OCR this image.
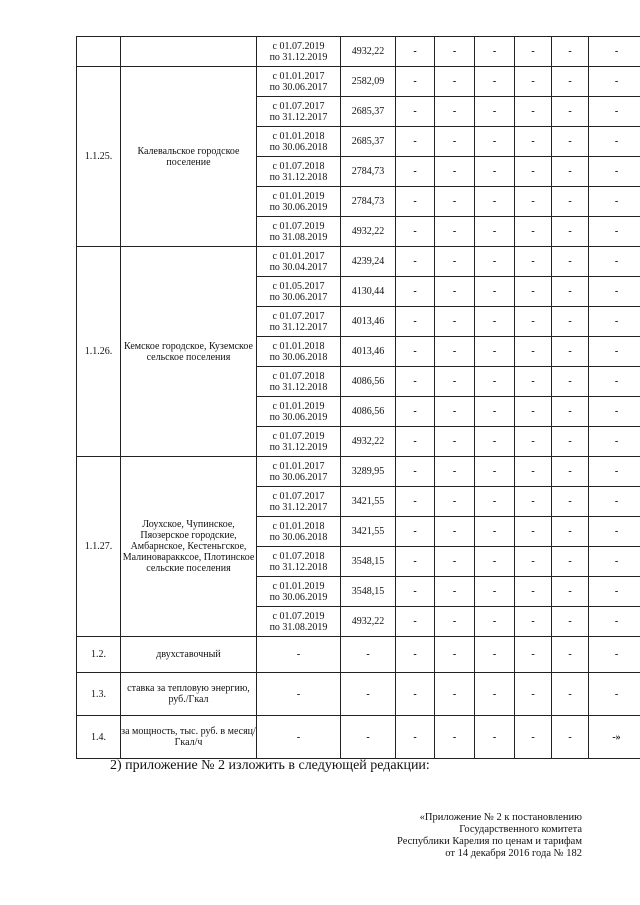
		с 01.07.2019
по 31.12.2019	4932,22	-	-	-	-	-	-
1.1.25.	Калевальское городское поселение	с 01.01.2017
по 30.06.2017	2582,09	-	-	-	-	-	-

		с 01.07.2017
по 31.12.2017	2685,37	-	-	-	-	-	-

		с 01.01.2018
по 30.06.2018	2685,37	-	-	-	-	-	-

		с 01.07.2018
по 31.12.2018	2784,73	-	-	-	-	-	-

		с 01.01.2019
по 30.06.2019	2784,73	-	-	-	-	-	-

		с 01.07.2019
по 31.08.2019	4932,22	-	-	-	-	-	-
1.1.26.	Кемское городское, Куземское сельское поселения	с 01.01.2017
по 30.04.2017	4239,24	-	-	-	-	-	-

		с 01.05.2017
по 30.06.2017	4130,44	-	-	-	-	-	-

		с 01.07.2017
по 31.12.2017	4013,46	-	-	-	-	-	-

		с 01.01.2018
по 30.06.2018	4013,46	-	-	-	-	-	-

		с 01.07.2018
по 31.12.2018	4086,56	-	-	-	-	-	-

		с 01.01.2019
по 30.06.2019	4086,56	-	-	-	-	-	-

		с 01.07.2019
по 31.12.2019	4932,22	-	-	-	-	-	-
1.1.27.	Лоухское, Чупинское, Пяозерское городские, Амбарнское, Кестеньгское, Малиноваракксое, Плотинское сельские поселения	с 01.01.2017
по 30.06.2017	3289,95	-	-	-	-	-	-

		с 01.07.2017
по 31.12.2017	3421,55	-	-	-	-	-	-

		с 01.01.2018
по 30.06.2018	3421,55	-	-	-	-	-	-

		с 01.07.2018
по 31.12.2018	3548,15	-	-	-	-	-	-

		с 01.01.2019
по 30.06.2019	3548,15	-	-	-	-	-	-

		с 01.07.2019
по 31.08.2019	4932,22	-	-	-	-	-	-
1.2.	двухставочный	-	-	-	-	-	-	-	-
1.3.	ставка за тепловую энергию, руб./Гкал	-	-	-	-	-	-	-	-
1.4.	за мощность, тыс. руб. в месяц/Гкал/ч	-	-	-	-	-	-	-	-»

2) приложение № 2 изложить в следующей редакции:

«Приложение № 2 к постановлению
Государственного комитета
Республики Карелия по ценам и тарифам
от 14 декабря 2016 года № 182
